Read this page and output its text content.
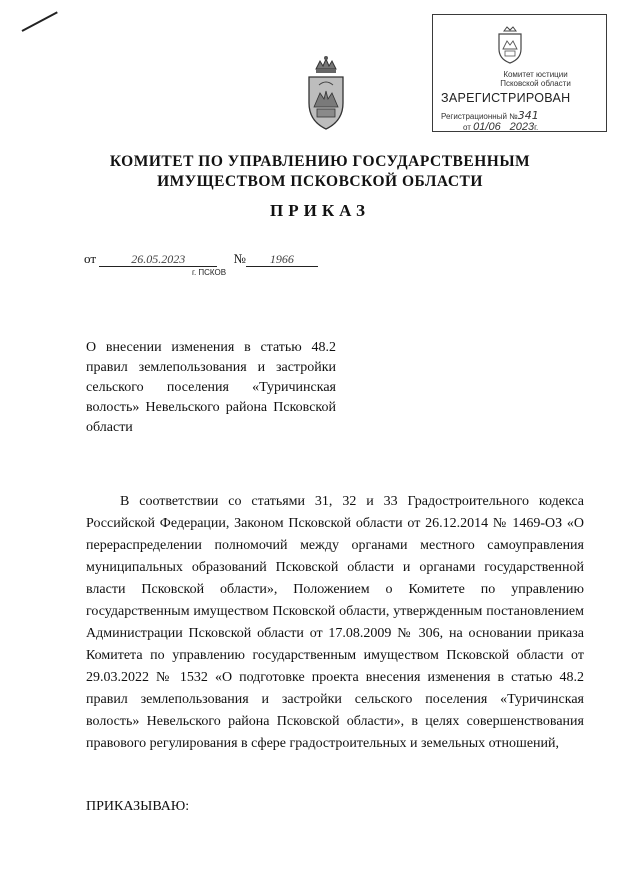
Комитет юстиции
Псковской области
ЗАРЕГИСТРИРОВАН
Регистрационный №341
от 01/06 2023г.
КОМИТЕТ ПО УПРАВЛЕНИЮ ГОСУДАРСТВЕННЫМ
ИМУЩЕСТВОМ ПСКОВСКОЙ ОБЛАСТИ
ПРИКАЗ
от	26.05.2023	№ 1966
г. ПСКОВ
О внесении изменения в статью 48.2 правил землепользования и застройки сельского поселения «Туричинская волость» Невельского района Псковской области
В соответствии со статьями 31, 32 и 33 Градостроительного кодекса Российской Федерации, Законом Псковской области от 26.12.2014 № 1469-ОЗ «О перераспределении полномочий между органами местного самоуправления муниципальных образований Псковской области и органами государственной власти Псковской области», Положением о Комитете по управлению государственным имуществом Псковской области, утвержденным постановлением Администрации Псковской области от 17.08.2009 № 306, на основании приказа Комитета по управлению государственным имуществом Псковской области от 29.03.2022 № 1532 «О подготовке проекта внесения изменения в статью 48.2 правил землепользования и застройки сельского поселения «Туричинская волость» Невельского района Псковской области», в целях совершенствования правового регулирования в сфере градостроительных и земельных отношений,
ПРИКАЗЫВАЮ:
